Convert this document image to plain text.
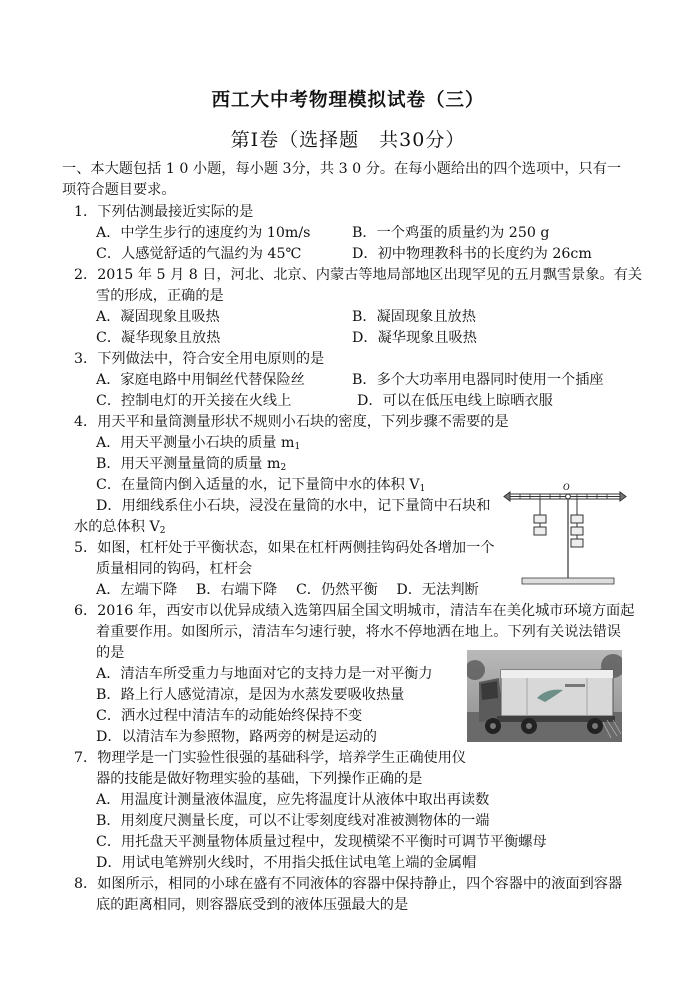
西工大中考物理模拟试卷（三）
第Ⅰ卷（选择题　共30分）
一、本大题包括 1 0 小题，每小题 3分，共 3 0 分。在每小题给出的四个选项中，只有一
项符合题目要求。
1．下列估测最接近实际的是
A．中学生步行的速度约为 10m/s	B．一个鸡蛋的质量约为 250 g
C．人感觉舒适的气温约为 45℃	D．初中物理教科书的长度约为 26cm
2．2015 年 5 月 8 日，河北、北京、内蒙古等地局部地区出现罕见的五月飘雪景象。有关
雪的形成，正确的是
A．凝固现象且吸热	B．凝固现象且放热
C．凝华现象且放热	D．凝华现象且吸热
3．下列做法中，符合安全用电原则的是
A．家庭电路中用铜丝代替保险丝	B．多个大功率用电器同时使用一个插座
C．控制电灯的开关接在火线上	D．可以在低压电线上晾晒衣服
4．用天平和量筒测量形状不规则小石块的密度，下列步骤不需要的是
A．用天平测量小石块的质量 $m_1$
B．用天平测量量筒的质量 $m_2$
C．在量筒内倒入适量的水，记下量筒中水的体积 $V_1$
D．用细线系住小石块，浸没在量筒的水中，记下量筒中石块和
水的总体积 $V_2$
O
5．如图，杠杆处于平衡状态，如果在杠杆两侧挂钩码处各增加一个
质量相同的钩码，杠杆会
A．左端下降　 B．右端下降　 C．仍然平衡　 D．无法判断
6．2016 年，西安市以优异成绩入选第四届全国文明城市，清洁车在美化城市环境方面起
着重要作用。如图所示，清洁车匀速行驶，将水不停地洒在地上。下列有关说法错误
的是
A．清洁车所受重力与地面对它的支持力是一对平衡力
B．路上行人感觉清凉，是因为水蒸发要吸收热量
C．洒水过程中清洁车的动能始终保持不变
D．以清洁车为参照物，路两旁的树是运动的
7．物理学是一门实验性很强的基础科学，培养学生正确使用仪
器的技能是做好物理实验的基础，下列操作正确的是
A．用温度计测量液体温度，应先将温度计从液体中取出再读数
B．用刻度尺测量长度，可以不让零刻度线对准被测物体的一端
C．用托盘天平测量物体质量过程中，发现横梁不平衡时可调节平衡螺母
D．用试电笔辨别火线时，不用指尖抵住试电笔上端的金属帽
8．如图所示，相同的小球在盛有不同液体的容器中保持静止，四个容器中的液面到容器
底的距离相同，则容器底受到的液体压强最大的是
